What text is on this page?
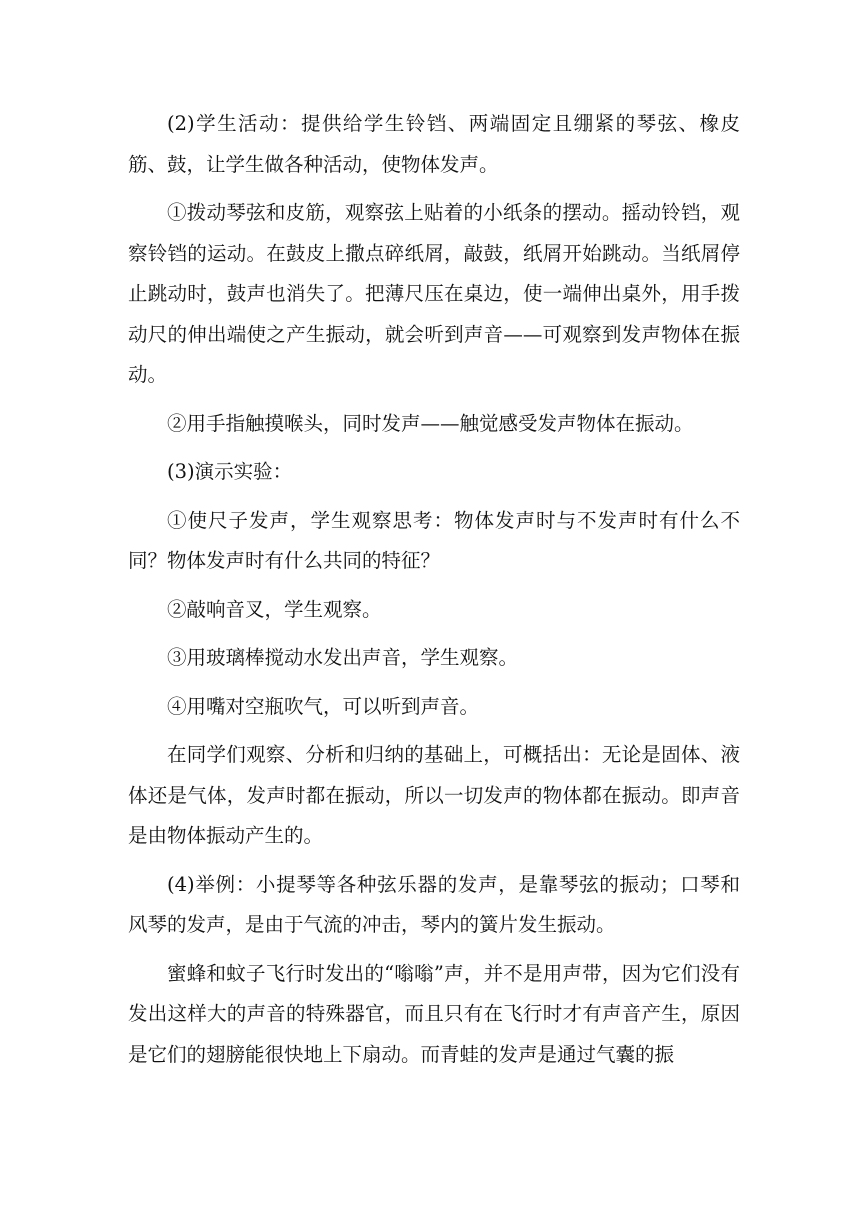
(2)学生活动：提供给学生铃铛、两端固定且绷紧的琴弦、橡皮筋、鼓，让学生做各种活动，使物体发声。

①拨动琴弦和皮筋，观察弦上贴着的小纸条的摆动。摇动铃铛，观察铃铛的运动。在鼓皮上撒点碎纸屑，敲鼓，纸屑开始跳动。当纸屑停止跳动时，鼓声也消失了。把薄尺压在桌边，使一端伸出桌外，用手拨动尺的伸出端使之产生振动，就会听到声音——可观察到发声物体在振动。

②用手指触摸喉头，同时发声——触觉感受发声物体在振动。

(3)演示实验：

①使尺子发声，学生观察思考：物体发声时与不发声时有什么不同？物体发声时有什么共同的特征？

②敲响音叉，学生观察。

③用玻璃棒搅动水发出声音，学生观察。

④用嘴对空瓶吹气，可以听到声音。

在同学们观察、分析和归纳的基础上，可概括出：无论是固体、液体还是气体，发声时都在振动，所以一切发声的物体都在振动。即声音是由物体振动产生的。

(4)举例：小提琴等各种弦乐器的发声，是靠琴弦的振动；口琴和风琴的发声，是由于气流的冲击，琴内的簧片发生振动。

蜜蜂和蚊子飞行时发出的“嗡嗡”声，并不是用声带，因为它们没有发出这样大的声音的特殊器官，而且只有在飞行时才有声音产生，原因是它们的翅膀能很快地上下扇动。而青蛙的发声是通过气囊的振
